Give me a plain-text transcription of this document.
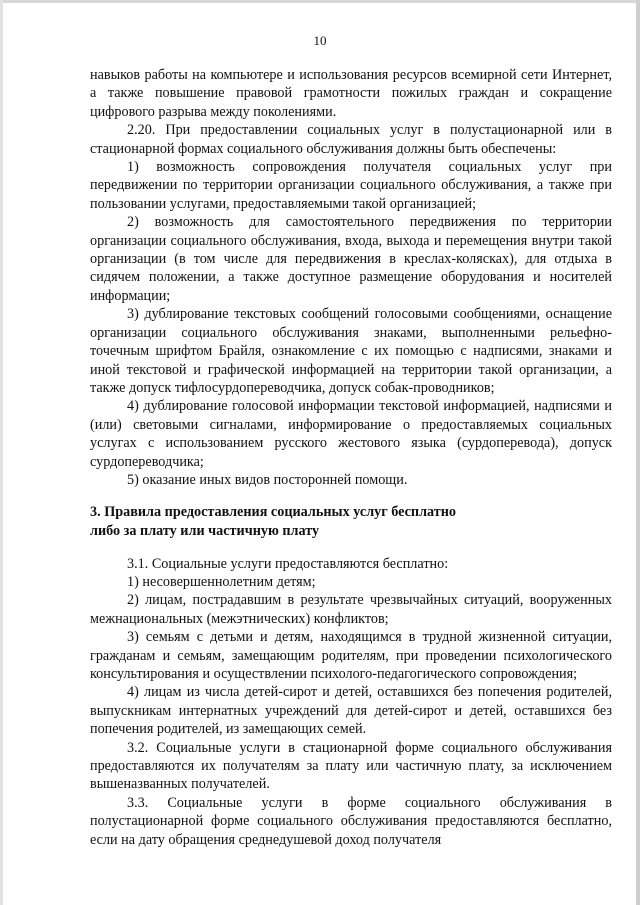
10

навыков работы на компьютере и использования ресурсов всемирной сети Интернет, а также повышение правовой грамотности пожилых граждан и сокращение цифрового разрыва между поколениями.

2.20. При предоставлении социальных услуг в полустационарной или в стационарной формах социального обслуживания должны быть обеспечены:

1) возможность сопровождения получателя социальных услуг при передвижении по территории организации социального обслуживания, а также при пользовании услугами, предоставляемыми такой организацией;

2) возможность для самостоятельного передвижения по территории организации социального обслуживания, входа, выхода и перемещения внутри такой организации (в том числе для передвижения в креслах-колясках), для отдыха в сидячем положении, а также доступное размещение оборудования и носителей информации;

3) дублирование текстовых сообщений голосовыми сообщениями, оснащение организации социального обслуживания знаками, выполненными рельефно-точечным шрифтом Брайля, ознакомление с их помощью с надписями, знаками и иной текстовой и графической информацией на территории такой организации, а также допуск тифлосурдопереводчика, допуск собак-проводников;

4) дублирование голосовой информации текстовой информацией, надписями и (или) световыми сигналами, информирование о предоставляемых социальных услугах с использованием русского жестового языка (сурдоперевода), допуск сурдопереводчика;

5) оказание иных видов посторонней помощи.

3. Правила предоставления социальных услуг бесплатно

либо за плату или частичную плату

3.1. Социальные услуги предоставляются бесплатно:

1) несовершеннолетним детям;

2) лицам, пострадавшим в результате чрезвычайных ситуаций, вооруженных межнациональных (межэтнических) конфликтов;

3) семьям с детьми и детям, находящимся в трудной жизненной ситуации, гражданам и семьям, замещающим родителям, при проведении психологического консультирования и осуществлении психолого-педагогического сопровождения;

4) лицам из числа детей-сирот и детей, оставшихся без попечения родителей, выпускникам интернатных учреждений для детей-сирот и детей, оставшихся без попечения родителей, из замещающих семей.

3.2. Социальные услуги в стационарной форме социального обслуживания предоставляются их получателям за плату или частичную плату, за исключением вышеназванных получателей.

3.3. Социальные услуги в форме социального обслуживания в полустационарной форме социального обслуживания предоставляются бесплатно, если на дату обращения среднедушевой доход получателя
